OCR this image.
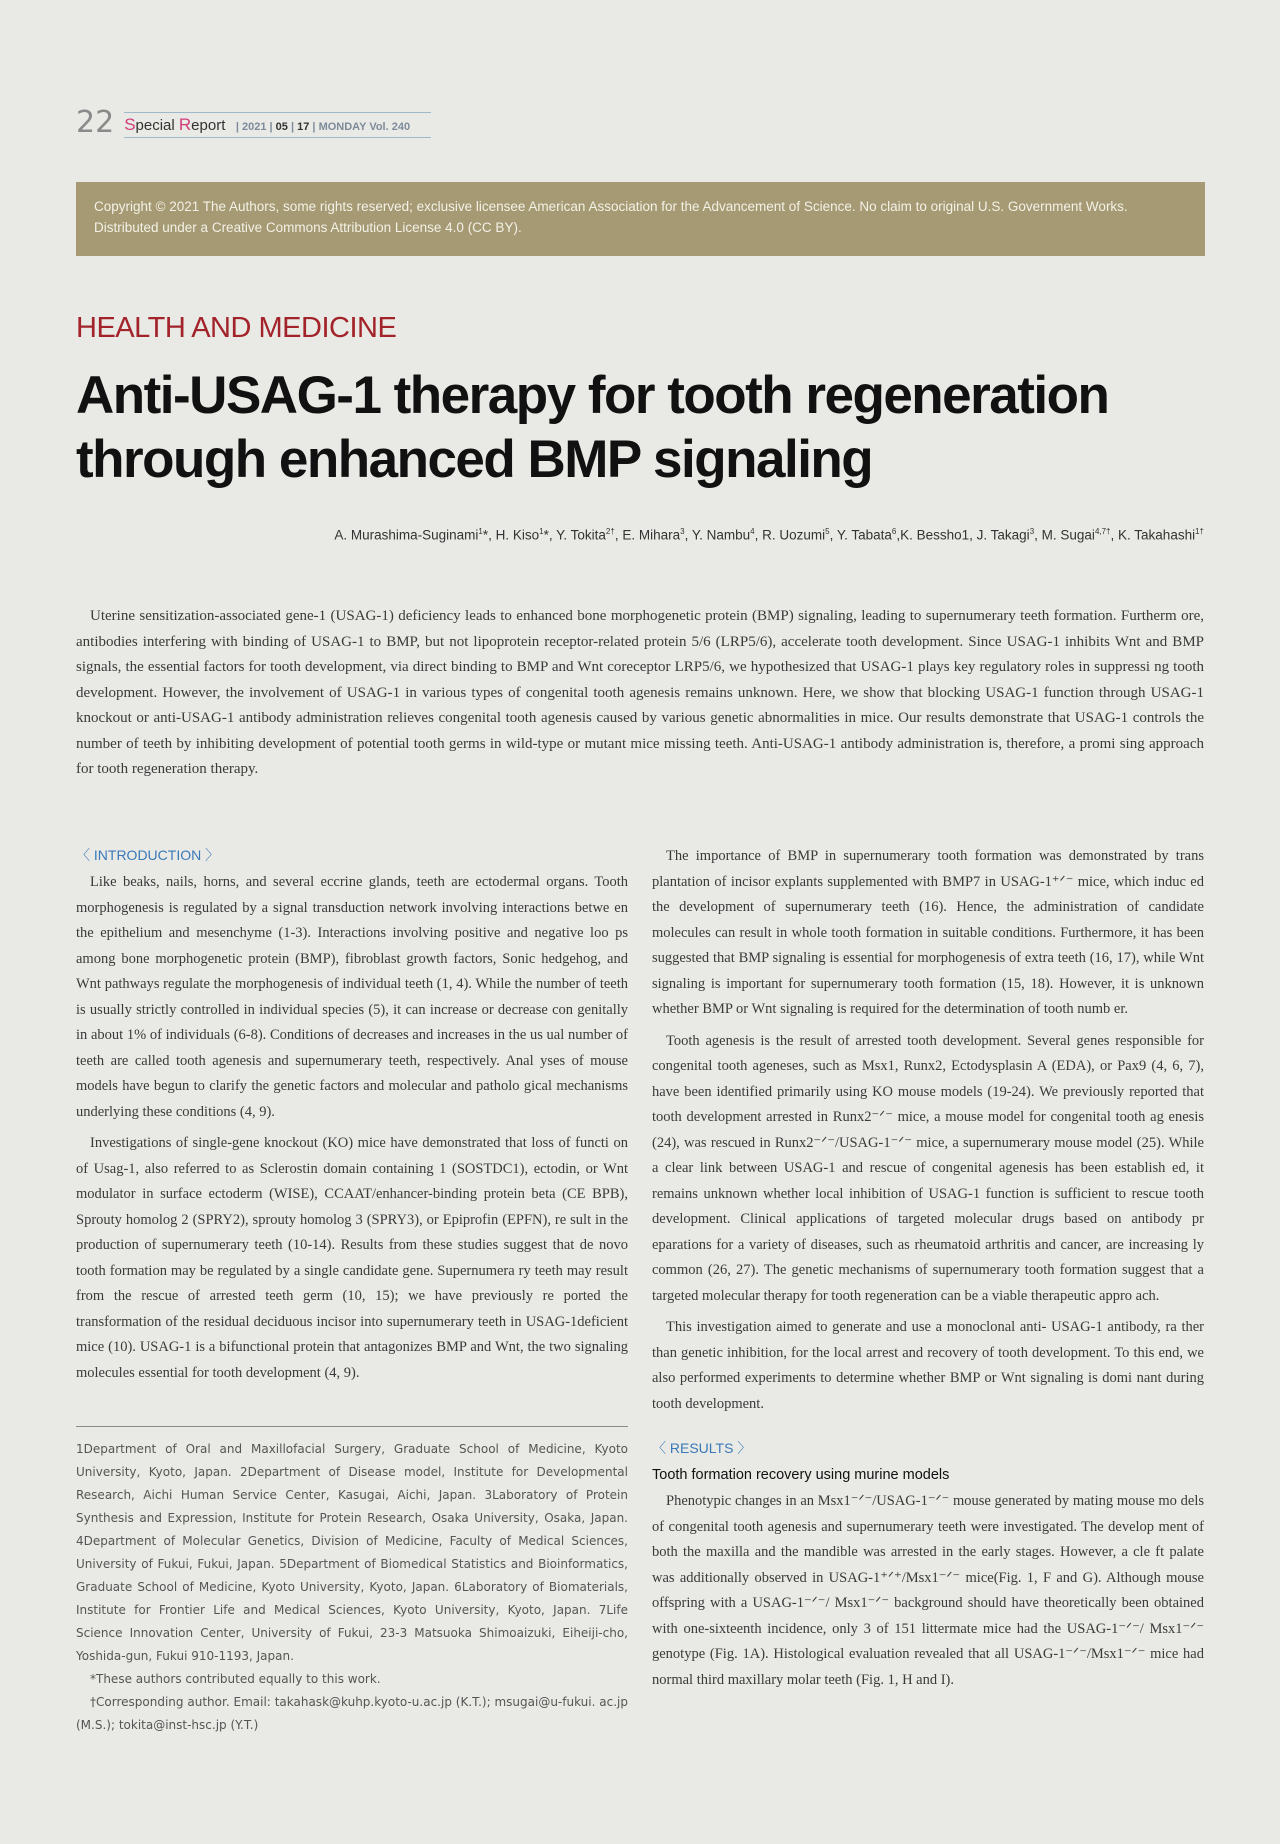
22 Special Report | 2021 | 05 | 17 | MONDAY Vol. 240
Copyright © 2021 The Authors, some rights reserved; exclusive licensee American Association for the Advancement of Science. No claim to original U.S. Government Works. Distributed under a Creative Commons Attribution License 4.0 (CC BY).
HEALTH AND MEDICINE
Anti-USAG-1 therapy for tooth regeneration through enhanced BMP signaling

A. Murashima-Suginami$^1$*, H. Kiso$^1$*, Y. Tokita$^{2\dagger}$, E. Mihara$^3$, Y. Nambu$^4$, R. Uozumi$^5$, Y. Tabata$^6$,K. Bessho1, J. Takagi$^3$, M. Sugai$^{4,7\dagger}$, K. Takahashi$^{1\dagger}$

Uterine sensitization-associated gene-1 (USAG-1) deficiency leads to enhanced bone morphogenetic protein (BMP) signaling, leading to supernumerary teeth formation. Furtherm ore, antibodies interfering with binding of USAG-1 to BMP, but not lipoprotein receptor-related protein 5/6 (LRP5/6), accelerate tooth development. Since USAG-1 inhibits Wnt and BMP signals, the essential factors for tooth development, via direct binding to BMP and Wnt coreceptor LRP5/6, we hypothesized that USAG-1 plays key regulatory roles in suppressi ng tooth development. However, the involvement of USAG-1 in various types of congenital tooth agenesis remains unknown. Here, we show that blocking USAG-1 function through USAG-1 knockout or anti-USAG-1 antibody administration relieves congenital tooth agenesis caused by various genetic abnormalities in mice. Our results demonstrate that USAG-1 controls the number of teeth by inhibiting development of potential tooth germs in wild-type or mutant mice missing teeth. Anti-USAG-1 antibody administration is, therefore, a promi sing approach for tooth regeneration therapy.

〈 INTRODUCTION 〉

Like beaks, nails, horns, and several eccrine glands, teeth are ectodermal organs. Tooth morphogenesis is regulated by a signal transduction network involving interactions betwe en the epithelium and mesenchyme (1-3). Interactions involving positive and negative loo ps among bone morphogenetic protein (BMP), fibroblast growth factors, Sonic hedgehog, and Wnt pathways regulate the morphogenesis of individual teeth (1, 4). While the number of teeth is usually strictly controlled in individual species (5), it can increase or decrease con genitally in about 1% of individuals (6-8). Conditions of decreases and increases in the us ual number of teeth are called tooth agenesis and supernumerary teeth, respectively. Anal yses of mouse models have begun to clarify the genetic factors and molecular and patholo gical mechanisms underlying these conditions (4, 9).

Investigations of single-gene knockout (KO) mice have demonstrated that loss of functi on of Usag-1, also referred to as Sclerostin domain containing 1 (SOSTDC1), ectodin, or Wnt modulator in surface ectoderm (WISE), CCAAT/enhancer-binding protein beta (CE BPB), Sprouty homolog 2 (SPRY2), sprouty homolog 3 (SPRY3), or Epiprofin (EPFN), re sult in the production of supernumerary teeth (10-14). Results from these studies suggest that de novo tooth formation may be regulated by a single candidate gene. Supernumera ry teeth may result from the rescue of arrested teeth germ (10, 15); we have previously re ported the transformation of the residual deciduous incisor into supernumerary teeth in USAG-1deficient mice (10). USAG-1 is a bifunctional protein that antagonizes BMP and Wnt, the two signaling molecules essential for tooth development (4, 9).

1Department of Oral and Maxillofacial Surgery, Graduate School of Medicine, Kyoto University, Kyoto, Japan. 2Department of Disease model, Institute for Developmental Research, Aichi Human Service Center, Kasugai, Aichi, Japan. 3Laboratory of Protein Synthesis and Expression, Institute for Protein Research, Osaka University, Osaka, Japan. 4Department of Molecular Genetics, Division of Medicine, Faculty of Medical Sciences, University of Fukui, Fukui, Japan. 5Department of Biomedical Statistics and Bioinformatics, Graduate School of Medicine, Kyoto University, Kyoto, Japan. 6Laboratory of Biomaterials, Institute for Frontier Life and Medical Sciences, Kyoto University, Kyoto, Japan. 7Life Science Innovation Center, University of Fukui, 23-3 Matsuoka Shimoaizuki, Eiheiji-cho, Yoshida-gun, Fukui 910-1193, Japan.

*These authors contributed equally to this work.

†Corresponding author. Email: takahask@kuhp.kyoto-u.ac.jp (K.T.); msugai@u-fukui. ac.jp (M.S.); tokita@inst-hsc.jp (Y.T.)

The importance of BMP in supernumerary tooth formation was demonstrated by trans plantation of incisor explants supplemented with BMP7 in USAG-1⁺ᐟ⁻ mice, which induc ed the development of supernumerary teeth (16). Hence, the administration of candidate molecules can result in whole tooth formation in suitable conditions. Furthermore, it has been suggested that BMP signaling is essential for morphogenesis of extra teeth (16, 17), while Wnt signaling is important for supernumerary tooth formation (15, 18). However, it is unknown whether BMP or Wnt signaling is required for the determination of tooth numb er.

Tooth agenesis is the result of arrested tooth development. Several genes responsible for congenital tooth ageneses, such as Msx1, Runx2, Ectodysplasin A (EDA), or Pax9 (4, 6, 7), have been identified primarily using KO mouse models (19-24). We previously reported that tooth development arrested in Runx2⁻ᐟ⁻ mice, a mouse model for congenital tooth ag enesis (24), was rescued in Runx2⁻ᐟ⁻/USAG-1⁻ᐟ⁻ mice, a supernumerary mouse model (25). While a clear link between USAG-1 and rescue of congenital agenesis has been establish ed, it remains unknown whether local inhibition of USAG-1 function is sufficient to rescue tooth development. Clinical applications of targeted molecular drugs based on antibody pr eparations for a variety of diseases, such as rheumatoid arthritis and cancer, are increasing ly common (26, 27). The genetic mechanisms of supernumerary tooth formation suggest that a targeted molecular therapy for tooth regeneration can be a viable therapeutic appro ach.

This investigation aimed to generate and use a monoclonal anti- USAG-1 antibody, ra ther than genetic inhibition, for the local arrest and recovery of tooth development. To this end, we also performed experiments to determine whether BMP or Wnt signaling is domi nant during tooth development.

〈 RESULTS 〉
Tooth formation recovery using murine models

Phenotypic changes in an Msx1⁻ᐟ⁻/USAG-1⁻ᐟ⁻ mouse generated by mating mouse mo dels of congenital tooth agenesis and supernumerary teeth were investigated. The develop ment of both the maxilla and the mandible was arrested in the early stages. However, a cle ft palate was additionally observed in USAG-1⁺ᐟ⁺/Msx1⁻ᐟ⁻ mice(Fig. 1, F and G). Although mouse offspring with a USAG-1⁻ᐟ⁻/ Msx1⁻ᐟ⁻ background should have theoretically been obtained with one-sixteenth incidence, only 3 of 151 littermate mice had the USAG-1⁻ᐟ⁻/ Msx1⁻ᐟ⁻ genotype (Fig. 1A). Histological evaluation revealed that all USAG-1⁻ᐟ⁻/Msx1⁻ᐟ⁻ mice had normal third maxillary molar teeth (Fig. 1, H and I).
